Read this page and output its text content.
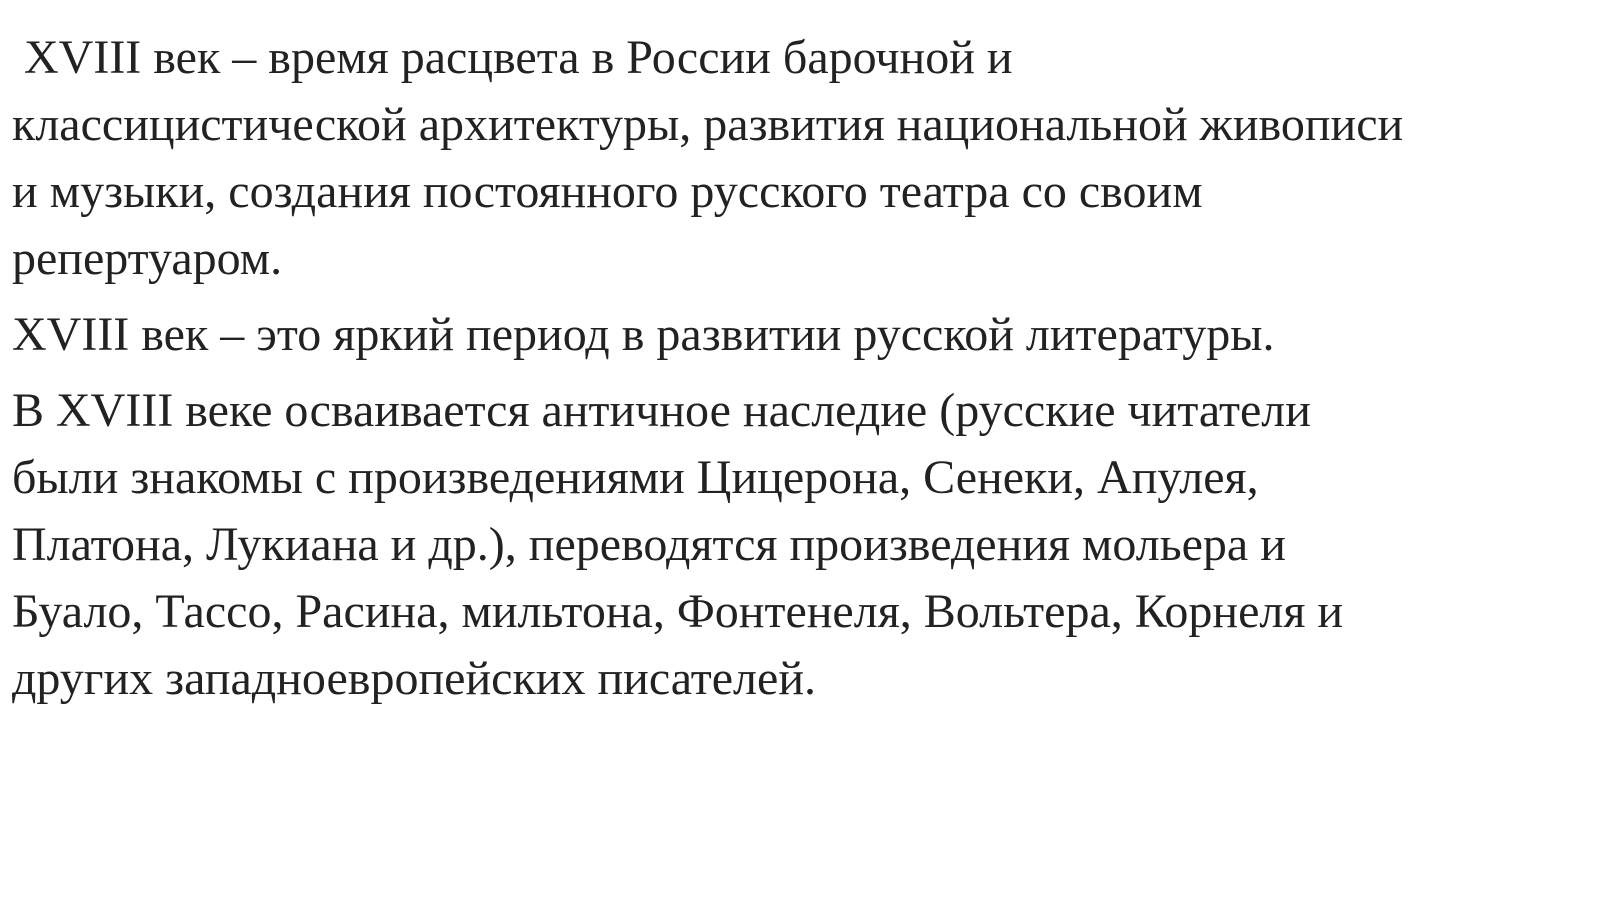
XVIII век – время расцвета в России барочной и
классицистической архитектуры, развития национальной живописи
и музыки, создания постоянного русского театра со своим
репертуаром.
XVIII век – это яркий период в развитии русской литературы.
В XVIII веке осваивается античное наследие (русские читатели
были знакомы с произведениями Цицерона, Сенеки, Апулея,
Платона, Лукиана и др.), переводятся произведения мольера и
Буало, Тассо, Расина, мильтона, Фонтенеля, Вольтера, Корнеля и
других западноевропейских писателей.
